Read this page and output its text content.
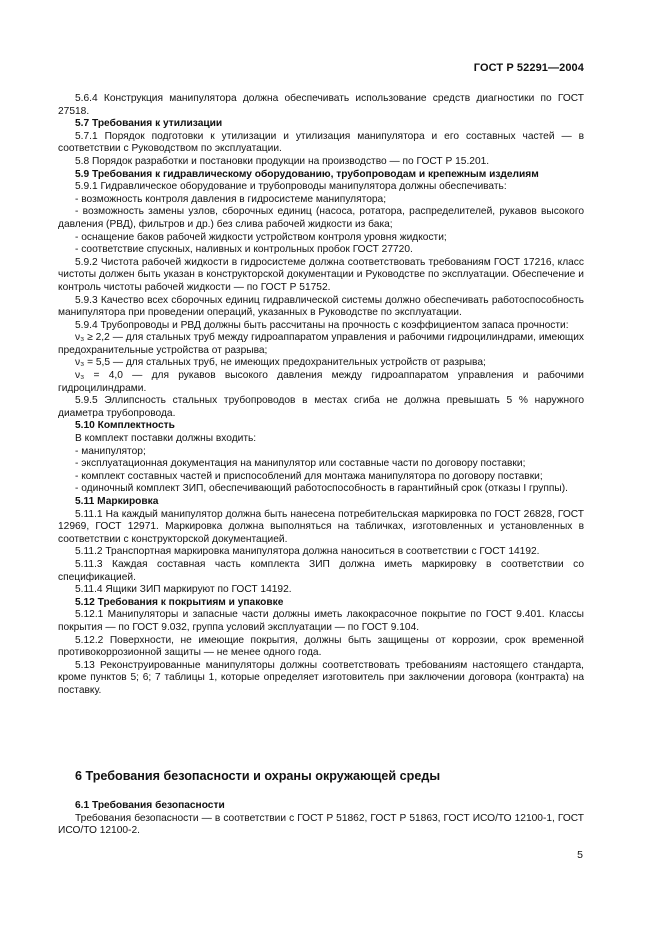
ГОСТ Р 52291—2004

5.6.4 Конструкция манипулятора должна обеспечивать использование средств диагностики по ГОСТ 27518.

5.7 Требования к утилизации

5.7.1 Порядок подготовки к утилизации и утилизация манипулятора и его составных частей — в соответствии с Руководством по эксплуатации.

5.8 Порядок разработки и постановки продукции на производство — по ГОСТ Р 15.201.

5.9 Требования к гидравлическому оборудованию, трубопроводам и крепежным изделиям

5.9.1 Гидравлическое оборудование и трубопроводы манипулятора должны обеспечивать:

- возможность контроля давления в гидросистеме манипулятора;

- возможность замены узлов, сборочных единиц (насоса, ротатора, распределителей, рукавов высокого давления (РВД), фильтров и др.) без слива рабочей жидкости из бака;

- оснащение баков рабочей жидкости устройством контроля уровня жидкости;

- соответствие спускных, наливных и контрольных пробок ГОСТ 27720.

5.9.2 Чистота рабочей жидкости в гидросистеме должна соответствовать требованиям ГОСТ 17216, класс чистоты должен быть указан в конструкторской документации и Руководстве по эксплуатации. Обеспечение и контроль чистоты рабочей жидкости — по ГОСТ Р 51752.

5.9.3 Качество всех сборочных единиц гидравлической системы должно обеспечивать работоспособность манипулятора при проведении операций, указанных в Руководстве по эксплуатации.

5.9.4 Трубопроводы и РВД должны быть рассчитаны на прочность с коэффициентом запаса прочности:

ν₃ ≥ 2,2 — для стальных труб между гидроаппаратом управления и рабочими гидроцилиндрами, имеющих предохранительные устройства от разрыва;

ν₃ = 5,5 — для стальных труб, не имеющих предохранительных устройств от разрыва;

ν₃ = 4,0 — для рукавов высокого давления между гидроаппаратом управления и рабочими гидроцилиндрами.

5.9.5 Эллипсность стальных трубопроводов в местах сгиба не должна превышать 5 % наружного диаметра трубопровода.

5.10 Комплектность

В комплект поставки должны входить:

- манипулятор;

- эксплуатационная документация на манипулятор или составные части по договору поставки;

- комплект составных частей и приспособлений для монтажа манипулятора по договору поставки;

- одиночный комплект ЗИП, обеспечивающий работоспособность в гарантийный срок (отказы I группы).

5.11 Маркировка

5.11.1 На каждый манипулятор должна быть нанесена потребительская маркировка по ГОСТ 26828, ГОСТ 12969, ГОСТ 12971. Маркировка должна выполняться на табличках, изготовленных и установленных в соответствии с конструкторской документацией.

5.11.2 Транспортная маркировка манипулятора должна наноситься в соответствии с ГОСТ 14192.

5.11.3 Каждая составная часть комплекта ЗИП должна иметь маркировку в соответствии со спецификацией.

5.11.4 Ящики ЗИП маркируют по ГОСТ 14192.

5.12 Требования к покрытиям и упаковке

5.12.1 Манипуляторы и запасные части должны иметь лакокрасочное покрытие по ГОСТ 9.401. Классы покрытия — по ГОСТ 9.032, группа условий эксплуатации — по ГОСТ 9.104.

5.12.2 Поверхности, не имеющие покрытия, должны быть защищены от коррозии, срок временной противокоррозионной защиты — не менее одного года.

5.13 Реконструированные манипуляторы должны соответствовать требованиям настоящего стандарта, кроме пунктов 5; 6; 7 таблицы 1, которые определяет изготовитель при заключении договора (контракта) на поставку.

6 Требования безопасности и охраны окружающей среды

6.1 Требования безопасности

Требования безопасности — в соответствии с ГОСТ Р 51862, ГОСТ Р 51863, ГОСТ ИСО/ТО 12100-1, ГОСТ ИСО/ТО 12100-2.

5
